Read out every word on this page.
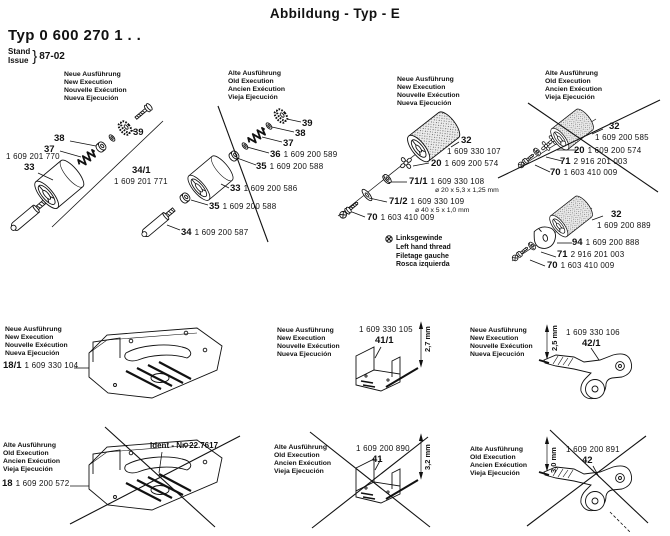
Abbildung - Typ - E
Typ 0 600 270 1 . .
Stand
Issue } 87-02
Neue Ausführung
New Execution
Nouvelle Exécution
Nueva Ejecución
Alte Ausführung
Old Execution
Ancien Exécution
Vieja Ejecución
Neue Ausführung
New Execution
Nouvelle Exécution
Nueva Ejecución
Alte Ausführung
Old Execution
Ancien Exécution
Vieja Ejecución
Neue Ausführung
New Execution
Nouvelle Exécution
Nueva Ejecución
Neue Ausführung
New Execution
Nouvelle Exécution
Nueva Ejecución
Neue Ausführung
New Execution
Nouvelle Exécution
Nueva Ejecución
Alte Ausführung
Old Execution
Ancien Exécution
Vieja Ejecución
Alte Ausführung
Old Execution
Ancien Exécution
Vieja Ejecución
Alte Ausführung
Old Execution
Ancien Exécution
Vieja Ejecución
38
37
1 609 201 770
33
39
34/1
1 609 201 771
39
38
37
36 1 609 200 589
35 1 609 200 588
33 1 609 200 586
35 1 609 200 588
34 1 609 200 587
32
1 609 330 107
20 1 609 200 574
71/1 1 609 330 108
ø 20 x 5,3 x 1,25 mm
71/2 1 609 330 109
ø 40 x 5 x 1,0 mm
70 1 603 410 009
Linksgewinde
Left hand thread
Filetage gauche
Rosca izquierda
32
1 609 200 585
20 1 609 200 574
71 2 916 201 003
70 1 603 410 009
32
1 609 200 889
94 1 609 200 888
71 2 916 201 003
70 1 603 410 009
18/1 1 609 330 104
1 609 330 105
41/1	2,7 mm	1 609 330 106
42/1
2,5 mm
18 1 609 200 572
Ident - Nr. 22.7617	1 609 200 890
41	3,2 mm	1 609 200 891
42
3,0 mm
